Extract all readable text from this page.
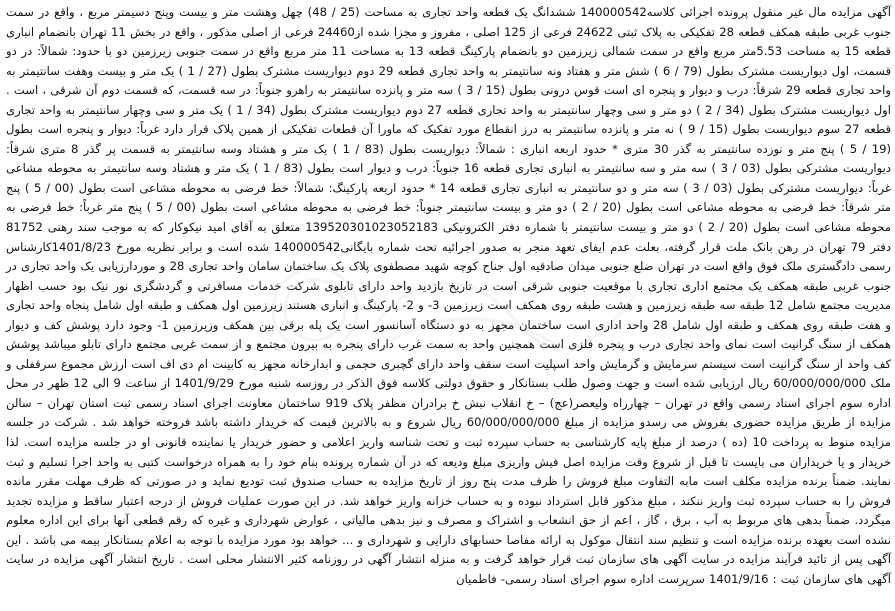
آگهی مزایده مال غیر منقول پرونده اجرائی کلاسه140000542 ششدانگ یک قطعه واحد تجاری به مساحت (25 / 48) چهل وهشت متر و بیست وپنج دسیمتر مربع ، واقع در سمت جنوب غربی طبقه همکف قطعه 28 تفکیکی به پلاک ثبتی 24622 فرعی از 125 اصلی ، مفروز و مجزا شده از24460 فرعی از اصلی مذکور ، واقع در بخش 11 تهران بانضمام انباری قطعه 15 به مساحت 5.53متر مربع واقع در سمت شمالی زیرزمین دو بانضمام پارکینگ قطعه 13 به مساحت 11 متر مربع واقع در سمت جنوبی زیرزمین دو با حدود: شمالاً: در دو قسمت، اول دیواریست مشترک بطول (79 / 6 ) شش متر و هفتاد ونه سانتیمتر به واحد تجاری قطعه 29 دوم دیواریست مشترک بطول (27 / 1 ) یک متر و بیست وهفت سانتیمتر به واحد تجاری قطعه 29 شرقاً: درب و دیوار و پنجره ای است قوس درونی بطول (15 / 3 ) سه متر و پانزده سانتیمتر به راهرو جنوباً: در سه قسمت، که قسمت دوم آن شرقی ، است . اول دیواریست مشترک بطول (34 / 2 ) دو متر و سی وچهار سانتیمتر به واحد تجاری قطعه 27 دوم دیواریست مشترک بطول (34 / 1 ) یک متر و سی وچهار سانتیمتر به واحد تجاری قطعه 27 سوم دیواریست بطول (15 / 9 ) نه متر و پانزده سانتیمتر به درز انقطاع مورد تفکیک که ماورا آن قطعات تفکیکی از همین پلاک قرار دارد غرباً: دیوار و پنجره است بطول (19 / 5 ) پنج متر و نوزده سانتیمتر به گذر 30 متری * حدود اربعه انباری : شمالاً: دیواریست بطول (83 / 1 ) یک متر و هشتاد وسه سانتیمتر به قسمت پر گذر 8 متری شرقاً: دیواریست مشترکی بطول (03 / 3 ) سه متر و سه سانتیمتر به انباری تجاری قطعه 16 جنوباً: درب و دیوار است بطول (83 / 1 ) یک متر و هشتاد وسه سانتیمتر به محوطه مشاعی غرباً: دیواریست مشترکی بطول (03 / 3 ) سه متر و دو سانتیمتر به انباری تجاری قطعه 14 * حدود اربعه پارکینگ: شمالاً: خط فرضی به محوطه مشاعی است بطول (00 / 5 ) پنج متر شرقاً: خط فرضی به محوطه مشاعی است بطول (20 / 2 ) دو متر و بیست سانتیمتر جنوباً: خط فرضی به محوطه مشاعی است بطول (00 / 5 ) پنج متر غرباً: خط فرضی به محوطه مشاعی است بطول (20 / 2 ) دو متر و بیست سانتیمتر با شماره دفتر الکترونیکی 139520301023052183 متعلق به آقای امید نیکوکار که به موجب سند رهنی 81752 دفتر 79 تهران در رهن بانک ملت قرار گرفته، بعلت عدم ایفای تعهد منجر به صدور اجرائیه تحت شماره بایگانی140000542 شده است و برابر نظریه مورخ 1401/8/23کارشناس رسمی دادگستری ملک فوق واقع است در تهران ضلع جنوبی میدان صادقیه اول جناح کوچه شهید مصطفوی پلاک یک ساختمان سامان واحد تجاری 28 و موردارزیابی یک واحد تجاری در جنوب غربی طبقه همکف یک مجتمع اداری تجاری با موقعیت جنوبی شرقی است در تاریخ بازدید واحد دارای تابلوی شرکت خدمات مسافرتی و گردشگری نور نیک بود حسب اظهار مدیریت مجتمع شامل 12 طبقه سه طبقه زیرزمین و هشت طبقه روی همکف است زیرزمین 3- و 2- پارکینگ و انباری هستند زیرزمین اول همکف و طبقه اول شامل پنجاه واحد تجاری و هفت طبقه روی همکف و طبقه اول شامل 28 واحد اداری است ساختمان مجهز به دو دستگاه آسانسور است یک پله برقی بین همکف وزیرزمین 1- وجود دارد پوشش کف و دیوار همکف از سنگ گرانیت است نمای واحد تجاری درب و پنجره فلزی است همچنین واحد به سمت غرب دارای پنجره به بیرون مجتمع و از سمت غربی مجتمع دارای تابلو میباشد پوشش کف واحد از سنگ گرانیت است سیستم سرمایش و گرمایش واحد اسپلیت است سقف واحد دارای گچبری حجمی و ابدارخانه مجهز به کابینت ام دی اف است ارزش مجموع سرقفلی و ملک 60/000/000/000 ریال ارزیابی شده است و جهت وصول طلب بستانکار و حقوق دولتی کلاسه فوق الذکر در روزسه شنبه مورخ 1401/9/29 از ساعت 9 الی 12 ظهر در محل اداره سوم اجرای اسناد رسمی واقع در تهران – چهارراه ولیعصر(عج) – خ انقلاب نبش خ برادران مظفر پلاک 919 ساختمان معاونت اجرای اسناد رسمی ثبت استان تهران – سالن مزایده از طریق مزایده حضوری بفروش می رسدو مزایده از مبلغ 60/000/000/000 ریال شروع و به بالاترین قیمت که خریدار داشته باشد فروخته خواهد شد . شرکت در جلسه مزایده منوط به پرداخت 10 (ده ) درصد از مبلغ پایه کارشناسی به حساب سپرده ثبت و تحت شناسه واریز اعلامی و حضور خریدار یا نماینده قانونی او در جلسه مزایده است. لذا خریدار و یا خریداران می بایست تا قبل از شروع وقت مزایده اصل فیش واریزی مبلغ ودیعه که در آن شماره پرونده بنام خود را به همراه درخواست کتبی به واحد اجرا تسلیم و ثبت نمایند. ضمناً برنده مزایده مکلف است مابه التفاوت مبلغ فروش را ظرف مدت پنج روز از تاریخ مزایده به حساب صندوق ثبت تودیع نماید و در صورتی که ظرف مهلت مقرر مانده فروش را به حساب سپرده ثبت واریز ننکند ، مبلغ مذکور قابل استرداد نبوده و به حساب خزانه واریز خواهد شد. در این صورت عملیات فروش از درجه اعتبار ساقط و مزایده تجدید میگردد. ضمناً بدهی های مربوط به آب ، برق ، گاز ، اعم از حق انشعاب و اشتراک و مصرف و نیز بدهی مالیاتی ، عوارض شهرداری و غیره که رقم قطعی آنها برای این اداره معلوم نشده است بعهده برنده مزایده است و تنظیم سند انتقال موکول به ارائه مفاصا حسابهای دارایی و شهرداری و ... خواهد بود مورد مزایده با توجه به اعلام بستانکار بیمه می باشد . این آگهی پس از تائید فرآیند مزایده در سایت آگهی های سازمان ثبت قرار خواهد گرفت و به منزله انتشار آگهی در روزنامه کثیر الانتشار محلی است . تاریخ انتشار آگهی مزایده در سایت آگهی های سازمان ثبت : 1401/9/16 سرپرست اداره سوم اجرای اسناد رسمی- فاطمیان
